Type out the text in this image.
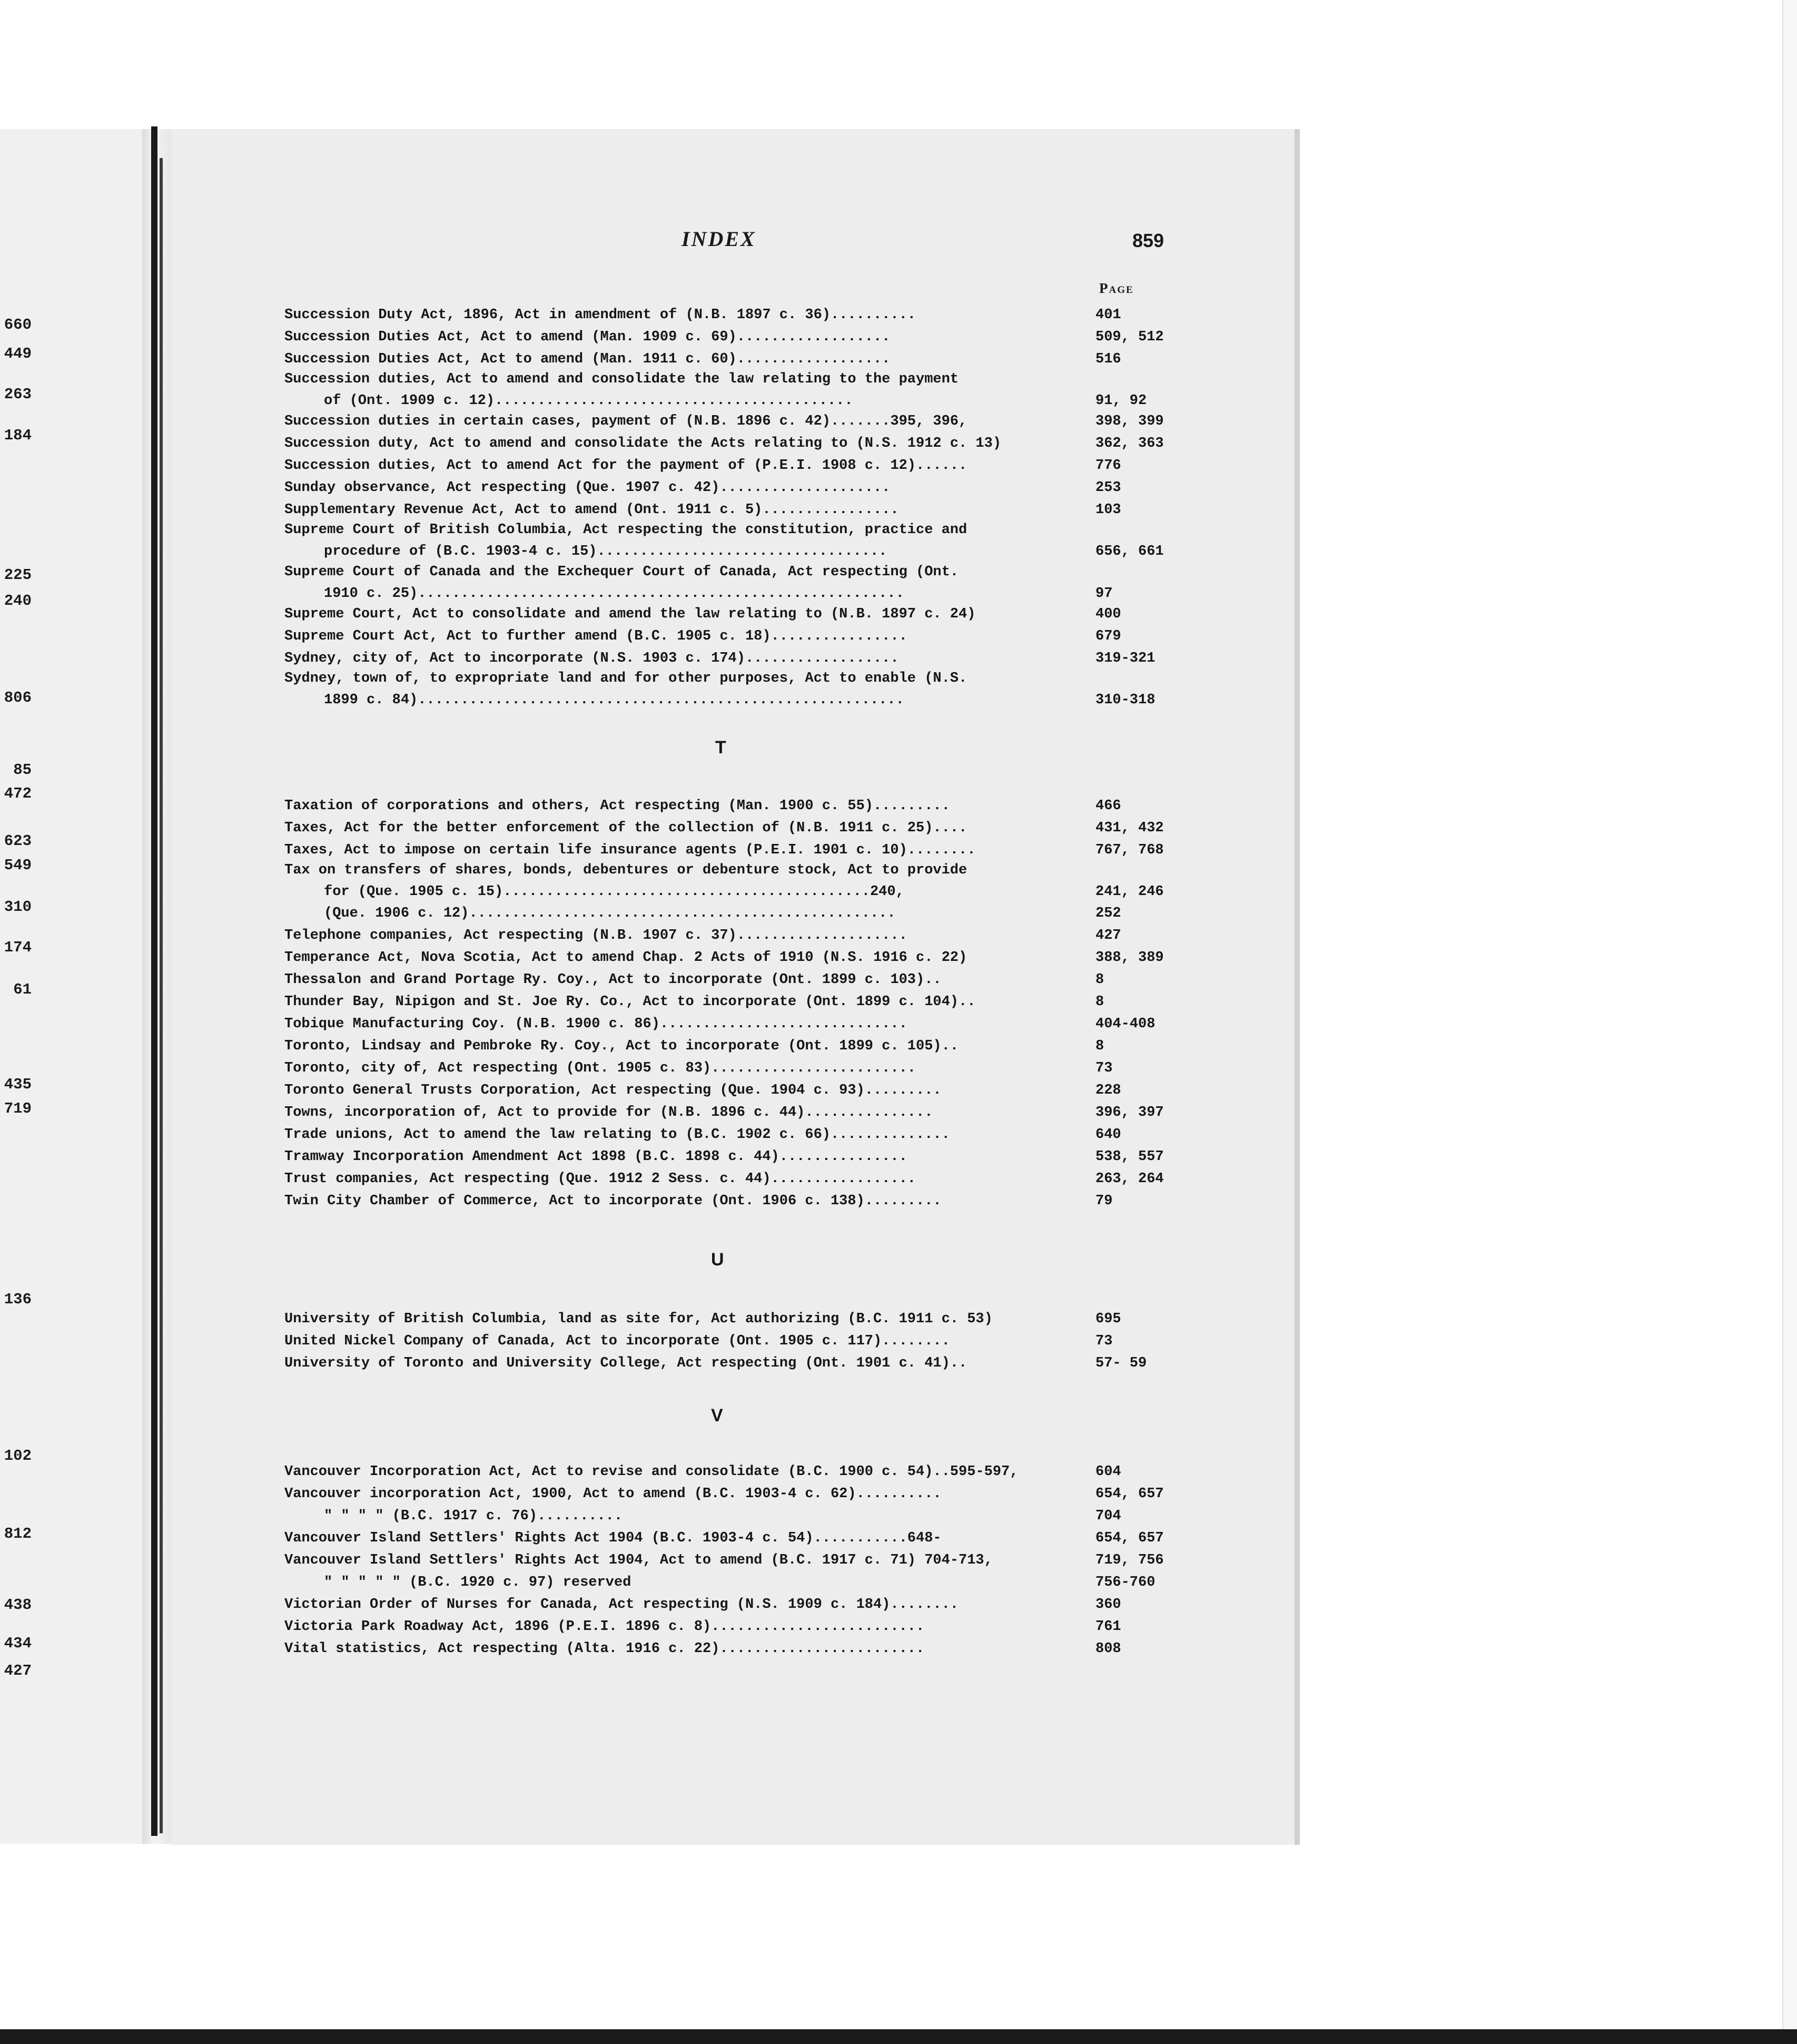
660
449
263
184
225
240
806
85
472
623
549
310
174
61
435
719
136
102
812
438
434
427
INDEX	859
Page
T
U
V
Succession Duty Act, 1896, Act in amendment of (N.B. 1897 c. 36)..........	401
Succession Duties Act, Act to amend (Man. 1909 c. 69)..................	509, 512
Succession Duties Act, Act to amend (Man. 1911 c. 60)..................	516
Succession duties, Act to amend and consolidate the law relating to the payment
of (Ont. 1909 c. 12)..........................................	91, 92
Succession duties in certain cases, payment of (N.B. 1896 c. 42).......395, 396,	398, 399
Succession duty, Act to amend and consolidate the Acts relating to (N.S. 1912 c. 13)	362, 363
Succession duties, Act to amend Act for the payment of (P.E.I. 1908 c. 12)......	776
Sunday observance, Act respecting (Que. 1907 c. 42)....................	253
Supplementary Revenue Act, Act to amend (Ont. 1911 c. 5)................	103
Supreme Court of British Columbia, Act respecting the constitution, practice and
procedure of (B.C. 1903-4 c. 15)..................................	656, 661
Supreme Court of Canada and the Exchequer Court of Canada, Act respecting (Ont.
1910 c. 25).........................................................	97
Supreme Court, Act to consolidate and amend the law relating to (N.B. 1897 c. 24)	400
Supreme Court Act, Act to further amend (B.C. 1905 c. 18)................	679
Sydney, city of, Act to incorporate (N.S. 1903 c. 174)..................	319-321
Sydney, town of, to expropriate land and for other purposes, Act to enable (N.S.
1899 c. 84).........................................................	310-318
Taxation of corporations and others, Act respecting (Man. 1900 c. 55).........	466
Taxes, Act for the better enforcement of the collection of (N.B. 1911 c. 25)....	431, 432
Taxes, Act to impose on certain life insurance agents (P.E.I. 1901 c. 10)........	767, 768
Tax on transfers of shares, bonds, debentures or debenture stock, Act to provide
for (Que. 1905 c. 15)...........................................240,	241, 246
(Que. 1906 c. 12)..................................................	252
Telephone companies, Act respecting (N.B. 1907 c. 37)....................	427
Temperance Act, Nova Scotia, Act to amend Chap. 2 Acts of 1910 (N.S. 1916 c. 22)	388, 389
Thessalon and Grand Portage Ry. Coy., Act to incorporate (Ont. 1899 c. 103)..	8
Thunder Bay, Nipigon and St. Joe Ry. Co., Act to incorporate (Ont. 1899 c. 104)..	8
Tobique Manufacturing Coy. (N.B. 1900 c. 86).............................	404-408
Toronto, Lindsay and Pembroke Ry. Coy., Act to incorporate (Ont. 1899 c. 105)..	8
Toronto, city of, Act respecting (Ont. 1905 c. 83)........................	73
Toronto General Trusts Corporation, Act respecting (Que. 1904 c. 93).........	228
Towns, incorporation of, Act to provide for (N.B. 1896 c. 44)...............	396, 397
Trade unions, Act to amend the law relating to (B.C. 1902 c. 66)..............	640
Tramway Incorporation Amendment Act 1898 (B.C. 1898 c. 44)...............	538, 557
Trust companies, Act respecting (Que. 1912 2 Sess. c. 44).................	263, 264
Twin City Chamber of Commerce, Act to incorporate (Ont. 1906 c. 138).........	79
University of British Columbia, land as site for, Act authorizing (B.C. 1911 c. 53)	695
United Nickel Company of Canada, Act to incorporate (Ont. 1905 c. 117)........	73
University of Toronto and University College, Act respecting (Ont. 1901 c. 41)..	57- 59
Vancouver Incorporation Act, Act to revise and consolidate (B.C. 1900 c. 54)..595-597,	604
Vancouver incorporation Act, 1900, Act to amend (B.C. 1903-4 c. 62)..........	654, 657
" " " " (B.C. 1917 c. 76)..........	704
Vancouver Island Settlers' Rights Act 1904 (B.C. 1903-4 c. 54)...........648-	654, 657
Vancouver Island Settlers' Rights Act 1904, Act to amend (B.C. 1917 c. 71) 704-713,	719, 756
" " " " " (B.C. 1920 c. 97) reserved	756-760
Victorian Order of Nurses for Canada, Act respecting (N.S. 1909 c. 184)........	360
Victoria Park Roadway Act, 1896 (P.E.I. 1896 c. 8).........................	761
Vital statistics, Act respecting (Alta. 1916 c. 22)........................	808
